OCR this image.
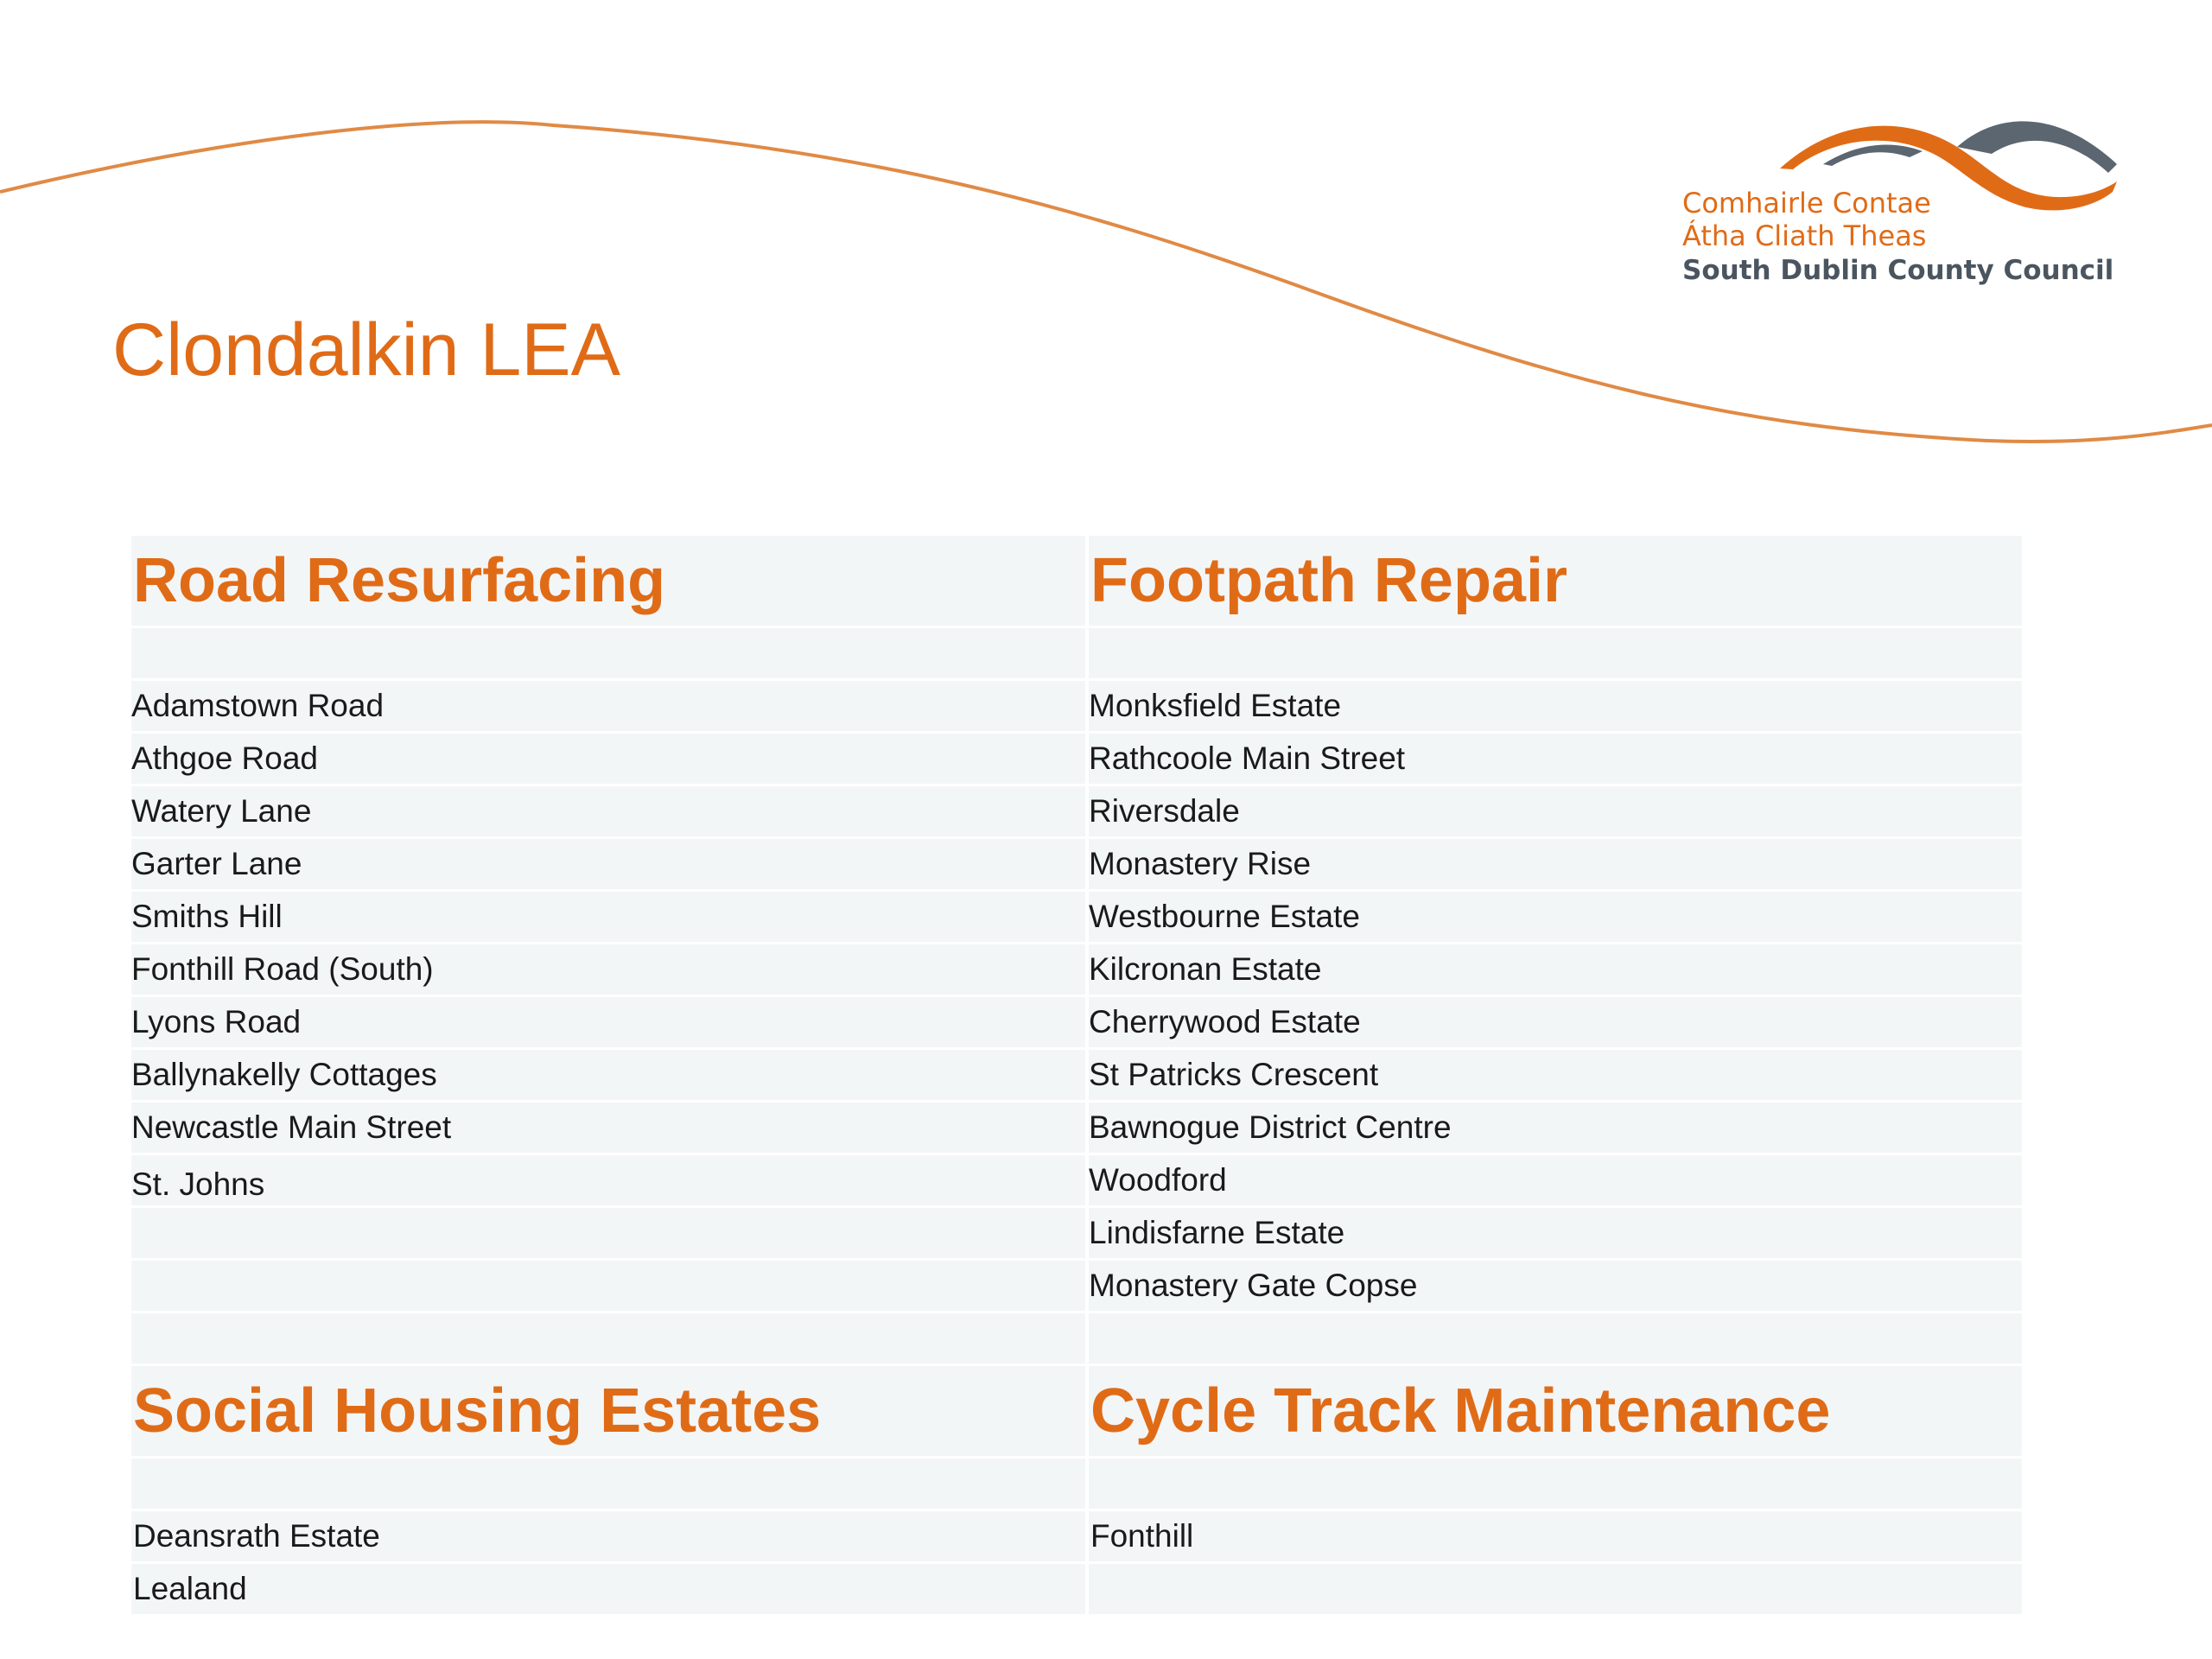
Comhairle Contae
Átha Cliath Theas
South Dublin County Council
Clondalkin LEA
Road Resurfacing
Adamstown Road
Athgoe Road
Watery Lane
Garter Lane
Smiths Hill
Fonthill Road (South)
Lyons Road
Ballynakelly Cottages
Newcastle Main Street
St. Johns
Social Housing Estates
Deansrath Estate
Lealand
Footpath Repair
Monksfield Estate
Rathcoole Main Street
Riversdale
Monastery Rise
Westbourne Estate
Kilcronan Estate
Cherrywood Estate
St Patricks Crescent
Bawnogue District Centre
Woodford
Lindisfarne Estate
Monastery Gate Copse
Cycle Track Maintenance
Fonthill
